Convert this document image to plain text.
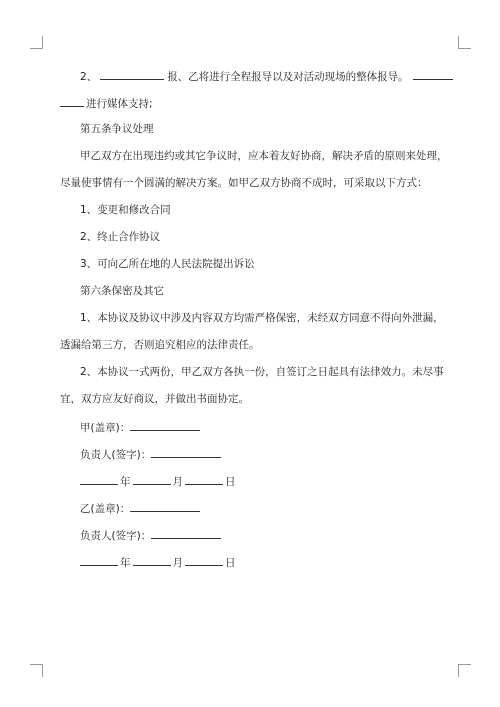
2、	报、乙将进行全程报导以及对活动现场的整体报导。
进行媒体支持;
第五条争议处理
甲乙双方在出现违约或其它争议时，应本着友好协商，解决矛盾的原则来处理，
尽量使事情有一个圆满的解决方案。如甲乙双方协商不成时，可采取以下方式：
1、变更和修改合同
2、终止合作协议
3、可向乙所在地的人民法院提出诉讼
第六条保密及其它
1、本协议及协议中涉及内容双方均需严格保密，未经双方同意不得向外泄漏，
透漏给第三方，否则追究相应的法律责任。
2、本协议一式两份，甲乙双方各执一份，自签订之日起具有法律效力。未尽事
宜，双方应友好商议，并做出书面协定。
甲(盖章)：
负责人(签字)：
年	月	日
乙(盖章)：
负责人(签字)：
年	月	日
